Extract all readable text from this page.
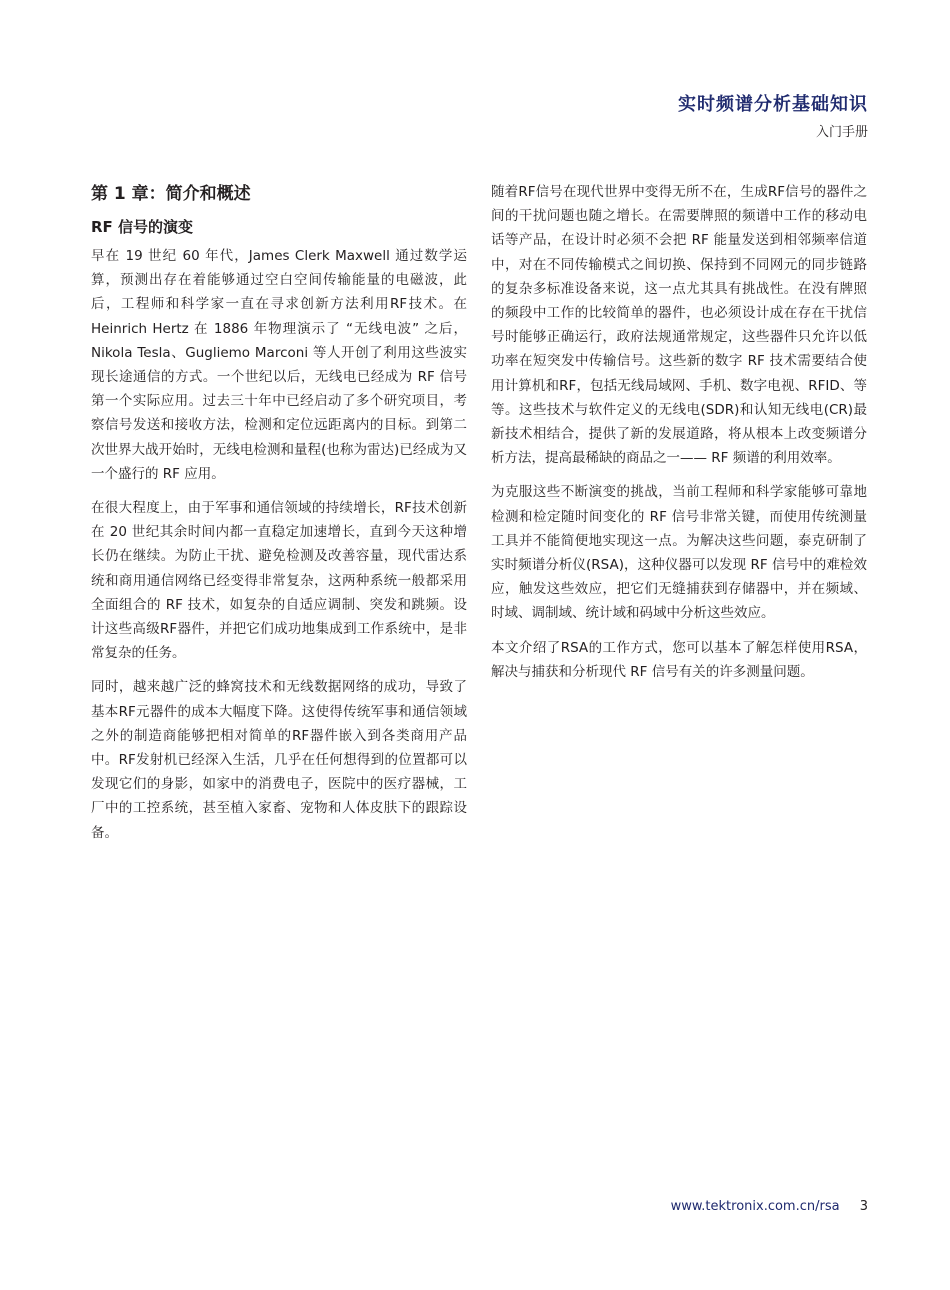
实时频谱分析基础知识
入门手册
第 1 章：简介和概述
RF 信号的演变

早在 19 世纪 60 年代，James Clerk Maxwell 通过数学运算，预测出存在着能够通过空白空间传输能量的电磁波，此后，工程师和科学家一直在寻求创新方法利用RF技术。在 Heinrich Hertz 在 1886 年物理演示了 “无线电波” 之后，Nikola Tesla、Gugliemo Marconi 等人开创了利用这些波实现长途通信的方式。一个世纪以后，无线电已经成为 RF 信号第一个实际应用。过去三十年中已经启动了多个研究项目，考察信号发送和接收方法，检测和定位远距离内的目标。到第二次世界大战开始时，无线电检测和量程(也称为雷达)已经成为又一个盛行的 RF 应用。

在很大程度上，由于军事和通信领域的持续增长，RF技术创新在 20 世纪其余时间内都一直稳定加速增长，直到今天这种增长仍在继续。为防止干扰、避免检测及改善容量，现代雷达系统和商用通信网络已经变得非常复杂，这两种系统一般都采用全面组合的 RF 技术，如复杂的自适应调制、突发和跳频。设计这些高级RF器件，并把它们成功地集成到工作系统中，是非常复杂的任务。

同时，越来越广泛的蜂窝技术和无线数据网络的成功，导致了基本RF元器件的成本大幅度下降。这使得传统军事和通信领域之外的制造商能够把相对简单的RF器件嵌入到各类商用产品中。RF发射机已经深入生活，几乎在任何想得到的位置都可以发现它们的身影，如家中的消费电子，医院中的医疗器械，工厂中的工控系统，甚至植入家畜、宠物和人体皮肤下的跟踪设备。

随着RF信号在现代世界中变得无所不在，生成RF信号的器件之间的干扰问题也随之增长。在需要牌照的频谱中工作的移动电话等产品，在设计时必须不会把 RF 能量发送到相邻频率信道中，对在不同传输模式之间切换、保持到不同网元的同步链路的复杂多标准设备来说，这一点尤其具有挑战性。在没有牌照的频段中工作的比较简单的器件，也必须设计成在存在干扰信号时能够正确运行，政府法规通常规定，这些器件只允许以低功率在短突发中传输信号。这些新的数字 RF 技术需要结合使用计算机和RF，包括无线局域网、手机、数字电视、RFID、等等。这些技术与软件定义的无线电(SDR)和认知无线电(CR)最新技术相结合，提供了新的发展道路，将从根本上改变频谱分析方法，提高最稀缺的商品之一—— RF 频谱的利用效率。

为克服这些不断演变的挑战，当前工程师和科学家能够可靠地检测和检定随时间变化的 RF 信号非常关键，而使用传统测量工具并不能简便地实现这一点。为解决这些问题，泰克研制了实时频谱分析仪(RSA)，这种仪器可以发现 RF 信号中的难检效应，触发这些效应，把它们无缝捕获到存储器中，并在频域、时域、调制域、统计域和码域中分析这些效应。

本文介绍了RSA的工作方式，您可以基本了解怎样使用RSA，解决与捕获和分析现代 RF 信号有关的许多测量问题。

www.tektronix.com.cn/rsa 3
